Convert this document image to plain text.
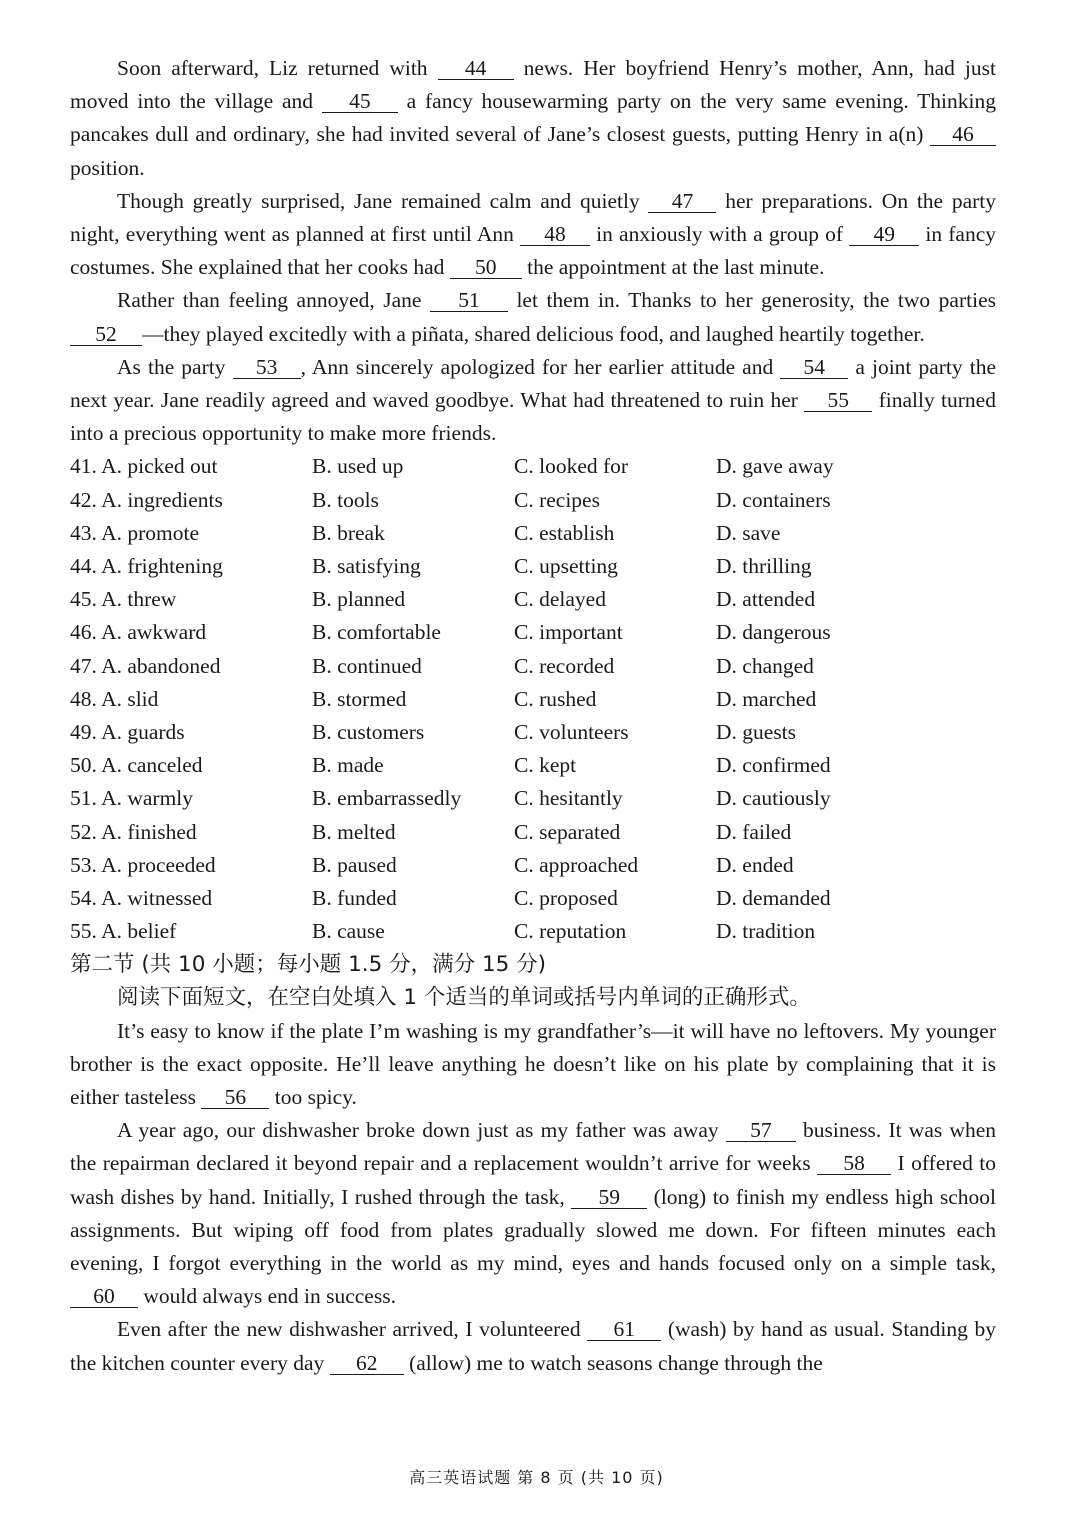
Soon afterward, Liz returned with 44 news. Her boyfriend Henry’s mother, Ann, had just moved into the village and 45 a fancy housewarming party on the very same evening. Thinking pancakes dull and ordinary, she had invited several of Jane’s closest guests, putting Henry in a(n) 46 position.

Though greatly surprised, Jane remained calm and quietly 47 her preparations. On the party night, everything went as planned at first until Ann 48 in anxiously with a group of 49 in fancy costumes. She explained that her cooks had 50 the appointment at the last minute.

Rather than feeling annoyed, Jane 51 let them in. Thanks to her generosity, the two parties 52 —they played excitedly with a piñata, shared delicious food, and laughed heartily together.

As the party 53 , Ann sincerely apologized for her earlier attitude and 54 a joint party the next year. Jane readily agreed and waved goodbye. What had threatened to ruin her 55 finally turned into a precious opportunity to make more friends.

41. A. picked out	B. used up	C. looked for	D. gave away
42. A. ingredients	B. tools	C. recipes	D. containers
43. A. promote	B. break	C. establish	D. save
44. A. frightening	B. satisfying	C. upsetting	D. thrilling
45. A. threw	B. planned	C. delayed	D. attended
46. A. awkward	B. comfortable	C. important	D. dangerous
47. A. abandoned	B. continued	C. recorded	D. changed
48. A. slid	B. stormed	C. rushed	D. marched
49. A. guards	B. customers	C. volunteers	D. guests
50. A. canceled	B. made	C. kept	D. confirmed
51. A. warmly	B. embarrassedly	C. hesitantly	D. cautiously
52. A. finished	B. melted	C. separated	D. failed
53. A. proceeded	B. paused	C. approached	D. ended
54. A. witnessed	B. funded	C. proposed	D. demanded
55. A. belief	B. cause	C. reputation	D. tradition

第二节 (共 10 小题；每小题 1.5 分，满分 15 分)

阅读下面短文，在空白处填入 1 个适当的单词或括号内单词的正确形式。

It’s easy to know if the plate I’m washing is my grandfather’s—it will have no leftovers. My younger brother is the exact opposite. He’ll leave anything he doesn’t like on his plate by complaining that it is either tasteless 56 too spicy.

A year ago, our dishwasher broke down just as my father was away 57 business. It was when the repairman declared it beyond repair and a replacement wouldn’t arrive for weeks 58 I offered to wash dishes by hand. Initially, I rushed through the task, 59 (long) to finish my endless high school assignments. But wiping off food from plates gradually slowed me down. For fifteen minutes each evening, I forgot everything in the world as my mind, eyes and hands focused only on a simple task, 60 would always end in success.

Even after the new dishwasher arrived, I volunteered 61 (wash) by hand as usual. Standing by the kitchen counter every day 62 (allow) me to watch seasons change through the

高三英语试题 第 8 页 (共 10 页)
